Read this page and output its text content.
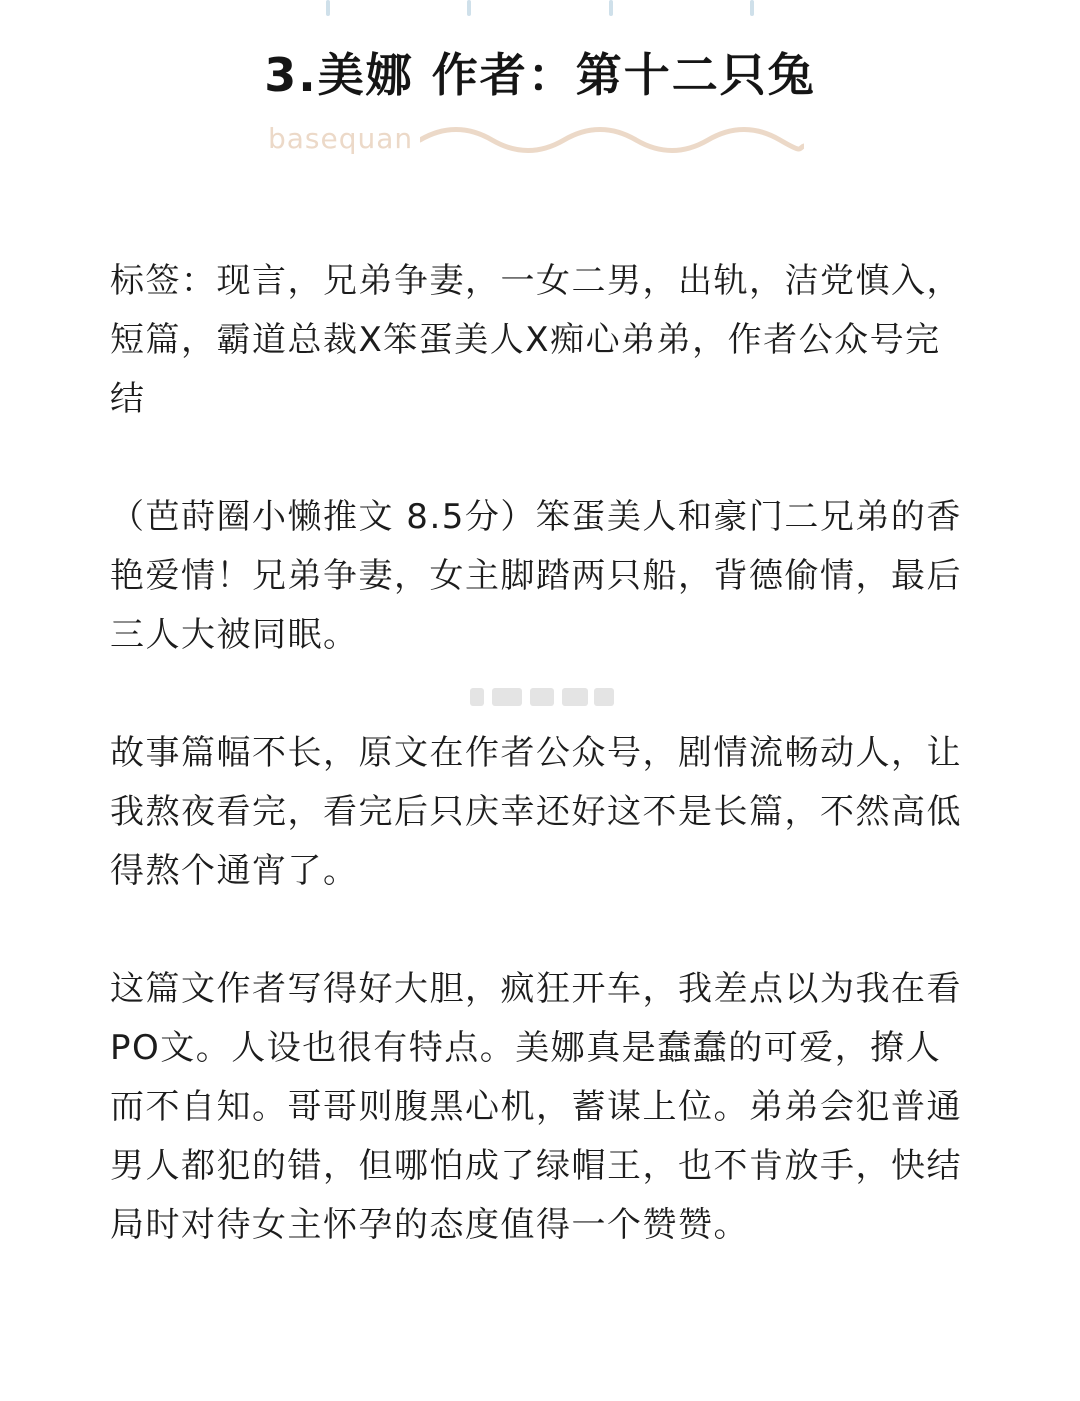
3.美娜 作者：第十二只兔
basequan

标签：现言，兄弟争妻，一女二男，出轨，洁党慎入，短篇，霸道总裁X笨蛋美人X痴心弟弟，作者公众号完结

（芭莳圈小懒推文 8.5分）笨蛋美人和豪门二兄弟的香艳爱情！兄弟争妻，女主脚踏两只船，背德偷情，最后三人大被同眠。

故事篇幅不长，原文在作者公众号，剧情流畅动人，让我熬夜看完，看完后只庆幸还好这不是长篇，不然高低得熬个通宵了。

这篇文作者写得好大胆，疯狂开车，我差点以为我在看PO文。人设也很有特点。美娜真是蠢蠢的可爱，撩人而不自知。哥哥则腹黑心机，蓄谋上位。弟弟会犯普通男人都犯的错，但哪怕成了绿帽王，也不肯放手，快结局时对待女主怀孕的态度值得一个赞赞。
